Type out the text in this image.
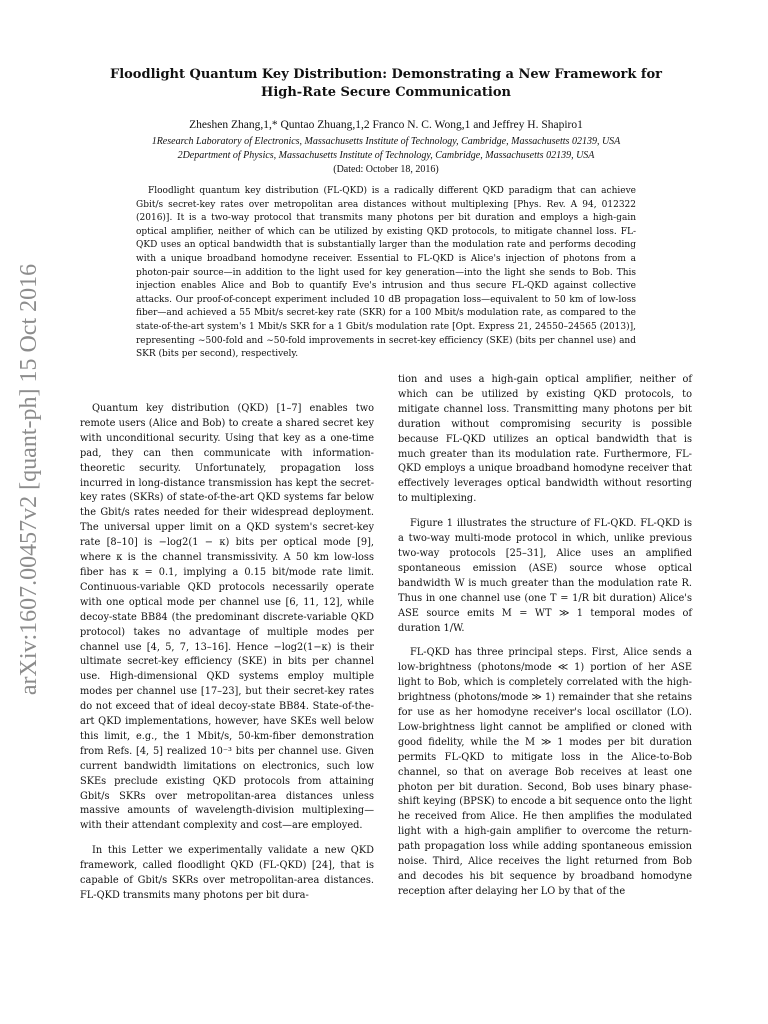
arXiv:1607.00457v2 [quant-ph] 15 Oct 2016
Floodlight Quantum Key Distribution: Demonstrating a New Framework for
High-Rate Secure Communication
Zheshen Zhang,1,* Quntao Zhuang,1,2 Franco N. C. Wong,1 and Jeffrey H. Shapiro1
1Research Laboratory of Electronics, Massachusetts Institute of Technology, Cambridge, Massachusetts 02139, USA
2Department of Physics, Massachusetts Institute of Technology, Cambridge, Massachusetts 02139, USA
(Dated: October 18, 2016)
Floodlight quantum key distribution (FL-QKD) is a radically different QKD paradigm that can achieve Gbit/s secret-key rates over metropolitan area distances without multiplexing [Phys. Rev. A 94, 012322 (2016)]. It is a two-way protocol that transmits many photons per bit duration and employs a high-gain optical amplifier, neither of which can be utilized by existing QKD protocols, to mitigate channel loss. FL-QKD uses an optical bandwidth that is substantially larger than the modulation rate and performs decoding with a unique broadband homodyne receiver. Essential to FL-QKD is Alice's injection of photons from a photon-pair source—in addition to the light used for key generation—into the light she sends to Bob. This injection enables Alice and Bob to quantify Eve's intrusion and thus secure FL-QKD against collective attacks. Our proof-of-concept experiment included 10 dB propagation loss—equivalent to 50 km of low-loss fiber—and achieved a 55 Mbit/s secret-key rate (SKR) for a 100 Mbit/s modulation rate, as compared to the state-of-the-art system's 1 Mbit/s SKR for a 1 Gbit/s modulation rate [Opt. Express 21, 24550–24565 (2013)], representing ∼500-fold and ∼50-fold improvements in secret-key efficiency (SKE) (bits per channel use) and SKR (bits per second), respectively.

Quantum key distribution (QKD) [1–7] enables two remote users (Alice and Bob) to create a shared secret key with unconditional security. Using that key as a one-time pad, they can then communicate with information-theoretic security. Unfortunately, propagation loss incurred in long-distance transmission has kept the secret-key rates (SKRs) of state-of-the-art QKD systems far below the Gbit/s rates needed for their widespread deployment. The universal upper limit on a QKD system's secret-key rate [8–10] is −log2(1 − κ) bits per optical mode [9], where κ is the channel transmissivity. A 50 km low-loss fiber has κ = 0.1, implying a 0.15 bit/mode rate limit. Continuous-variable QKD protocols necessarily operate with one optical mode per channel use [6, 11, 12], while decoy-state BB84 (the predominant discrete-variable QKD protocol) takes no advantage of multiple modes per channel use [4, 5, 7, 13–16]. Hence −log2(1−κ) is their ultimate secret-key efficiency (SKE) in bits per channel use. High-dimensional QKD systems employ multiple modes per channel use [17–23], but their secret-key rates do not exceed that of ideal decoy-state BB84. State-of-the-art QKD implementations, however, have SKEs well below this limit, e.g., the 1 Mbit/s, 50-km-fiber demonstration from Refs. [4, 5] realized 10⁻³ bits per channel use. Given current bandwidth limitations on electronics, such low SKEs preclude existing QKD protocols from attaining Gbit/s SKRs over metropolitan-area distances unless massive amounts of wavelength-division multiplexing—with their attendant complexity and cost—are employed.

In this Letter we experimentally validate a new QKD framework, called floodlight QKD (FL-QKD) [24], that is capable of Gbit/s SKRs over metropolitan-area distances. FL-QKD transmits many photons per bit dura-

tion and uses a high-gain optical amplifier, neither of which can be utilized by existing QKD protocols, to mitigate channel loss. Transmitting many photons per bit duration without compromising security is possible because FL-QKD utilizes an optical bandwidth that is much greater than its modulation rate. Furthermore, FL-QKD employs a unique broadband homodyne receiver that effectively leverages optical bandwidth without resorting to multiplexing.

Figure 1 illustrates the structure of FL-QKD. FL-QKD is a two-way multi-mode protocol in which, unlike previous two-way protocols [25–31], Alice uses an amplified spontaneous emission (ASE) source whose optical bandwidth W is much greater than the modulation rate R. Thus in one channel use (one T = 1/R bit duration) Alice's ASE source emits M = WT ≫ 1 temporal modes of duration 1/W.

FL-QKD has three principal steps. First, Alice sends a low-brightness (photons/mode ≪ 1) portion of her ASE light to Bob, which is completely correlated with the high-brightness (photons/mode ≫ 1) remainder that she retains for use as her homodyne receiver's local oscillator (LO). Low-brightness light cannot be amplified or cloned with good fidelity, while the M ≫ 1 modes per bit duration permits FL-QKD to mitigate loss in the Alice-to-Bob channel, so that on average Bob receives at least one photon per bit duration. Second, Bob uses binary phase-shift keying (BPSK) to encode a bit sequence onto the light he received from Alice. He then amplifies the modulated light with a high-gain amplifier to overcome the return-path propagation loss while adding spontaneous emission noise. Third, Alice receives the light returned from Bob and decodes his bit sequence by broadband homodyne reception after delaying her LO by that of the
